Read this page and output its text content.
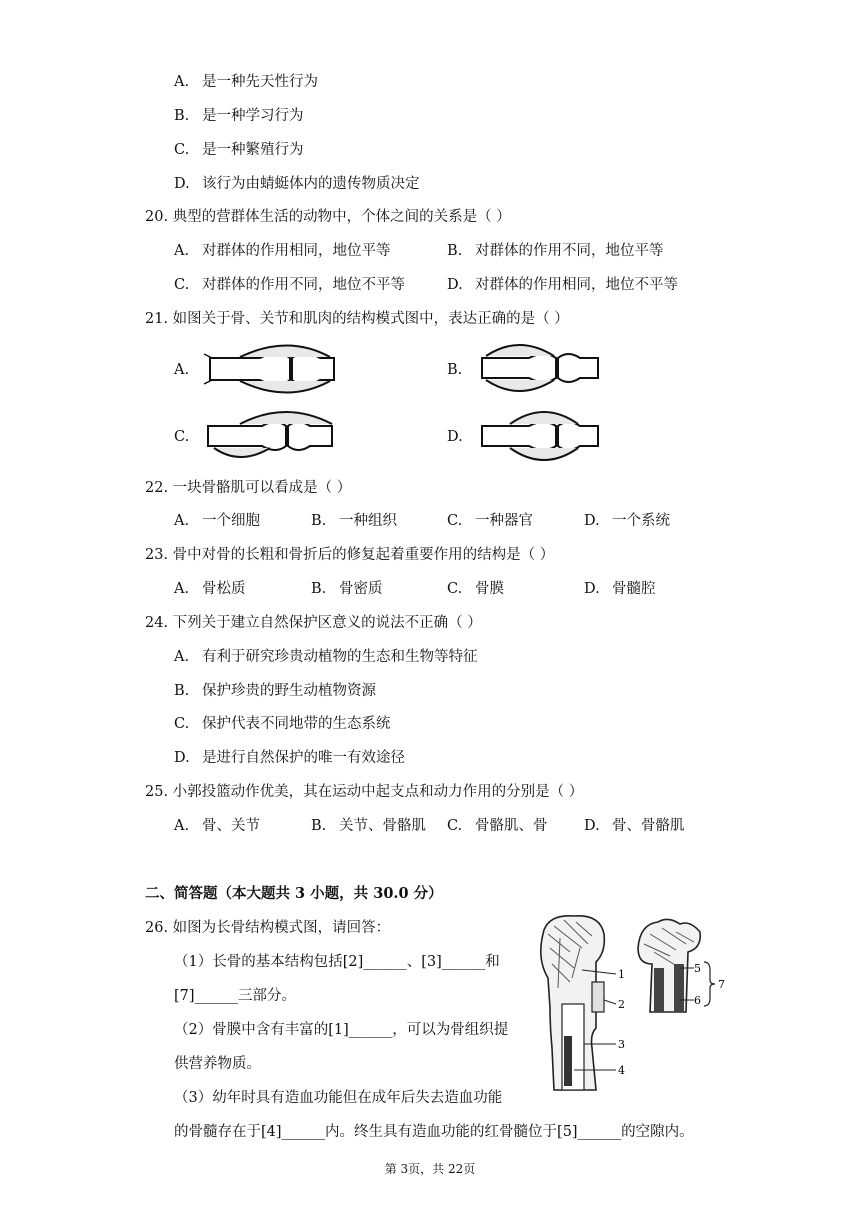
A. 是一种先天性行为
B. 是一种学习行为
C. 是一种繁殖行为
D. 该行为由蜻蜓体内的遗传物质决定
20. 典型的营群体生活的动物中，个体之间的关系是（ ）
A. 对群体的作用相同，地位平等	B. 对群体的作用不同，地位平等
C. 对群体的作用不同，地位不平等	D. 对群体的作用相同，地位不平等
21. 如图关于骨、关节和肌肉的结构模式图中，表达正确的是（ ）
A.	B.
C.	D.
22. 一块骨骼肌可以看成是（ ）
A. 一个细胞	B. 一种组织	C. 一种器官	D. 一个系统
23. 骨中对骨的长粗和骨折后的修复起着重要作用的结构是（ ）
A. 骨松质	B. 骨密质	C. 骨膜	D. 骨髓腔
24. 下列关于建立自然保护区意义的说法不正确（ ）
A. 有利于研究珍贵动植物的生态和生物等特征
B. 保护珍贵的野生动植物资源
C. 保护代表不同地带的生态系统
D. 是进行自然保护的唯一有效途径
25. 小郭投篮动作优美，其在运动中起支点和动力作用的分别是（ ）
A. 骨、关节	B. 关节、骨骼肌 C. 骨骼肌、骨	D. 骨、骨骼肌
二、简答题（本大题共 3 小题，共 30.0 分）
26. 如图为长骨结构模式图，请回答：
（1）长骨的基本结构包括[2]______、[3]______和
[7]______三部分。
（2）骨膜中含有丰富的[1]______，可以为骨组织提
供营养物质。
（3）幼年时具有造血功能但在成年后失去造血功能
的骨髓存在于[4]______内。终生具有造血功能的红骨髓位于[5]______的空隙内。
1
2
3
4
5
6
7
第 3页，共 22页
